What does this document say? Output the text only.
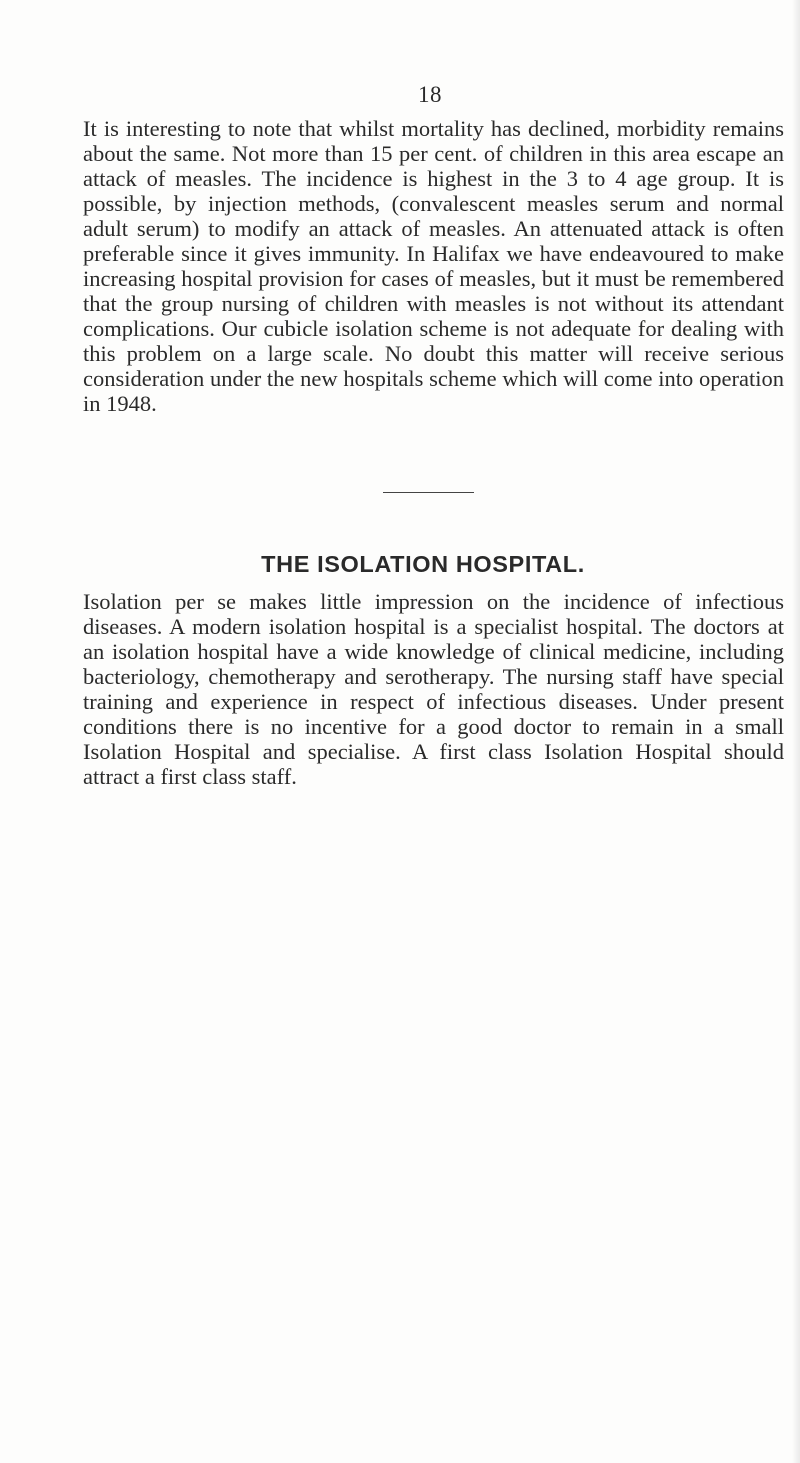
18

It is interesting to note that whilst mortality has declined, morbidity remains about the same. Not more than 15 per cent. of children in this area escape an attack of measles. The incidence is highest in the 3 to 4 age group. It is possible, by injection methods, (convalescent measles serum and normal adult serum) to modify an attack of measles. An attenuated attack is often preferable since it gives immunity. In Halifax we have endeavoured to make increasing hospital provision for cases of measles, but it must be remembered that the group nursing of children with measles is not without its attendant complications. Our cubicle isolation scheme is not adequate for dealing with this problem on a large scale. No doubt this matter will receive serious consideration under the new hospitals scheme which will come into operation in 1948.

THE ISOLATION HOSPITAL.

Isolation per se makes little impression on the incidence of infectious diseases. A modern isolation hospital is a specialist hospital. The doctors at an isolation hospital have a wide knowledge of clinical medicine, including bacteriology, chemotherapy and serotherapy. The nursing staff have special training and experience in respect of infectious diseases. Under present conditions there is no incentive for a good doctor to remain in a small Isolation Hospital and specialise. A first class Isolation Hospital should attract a first class staff.
